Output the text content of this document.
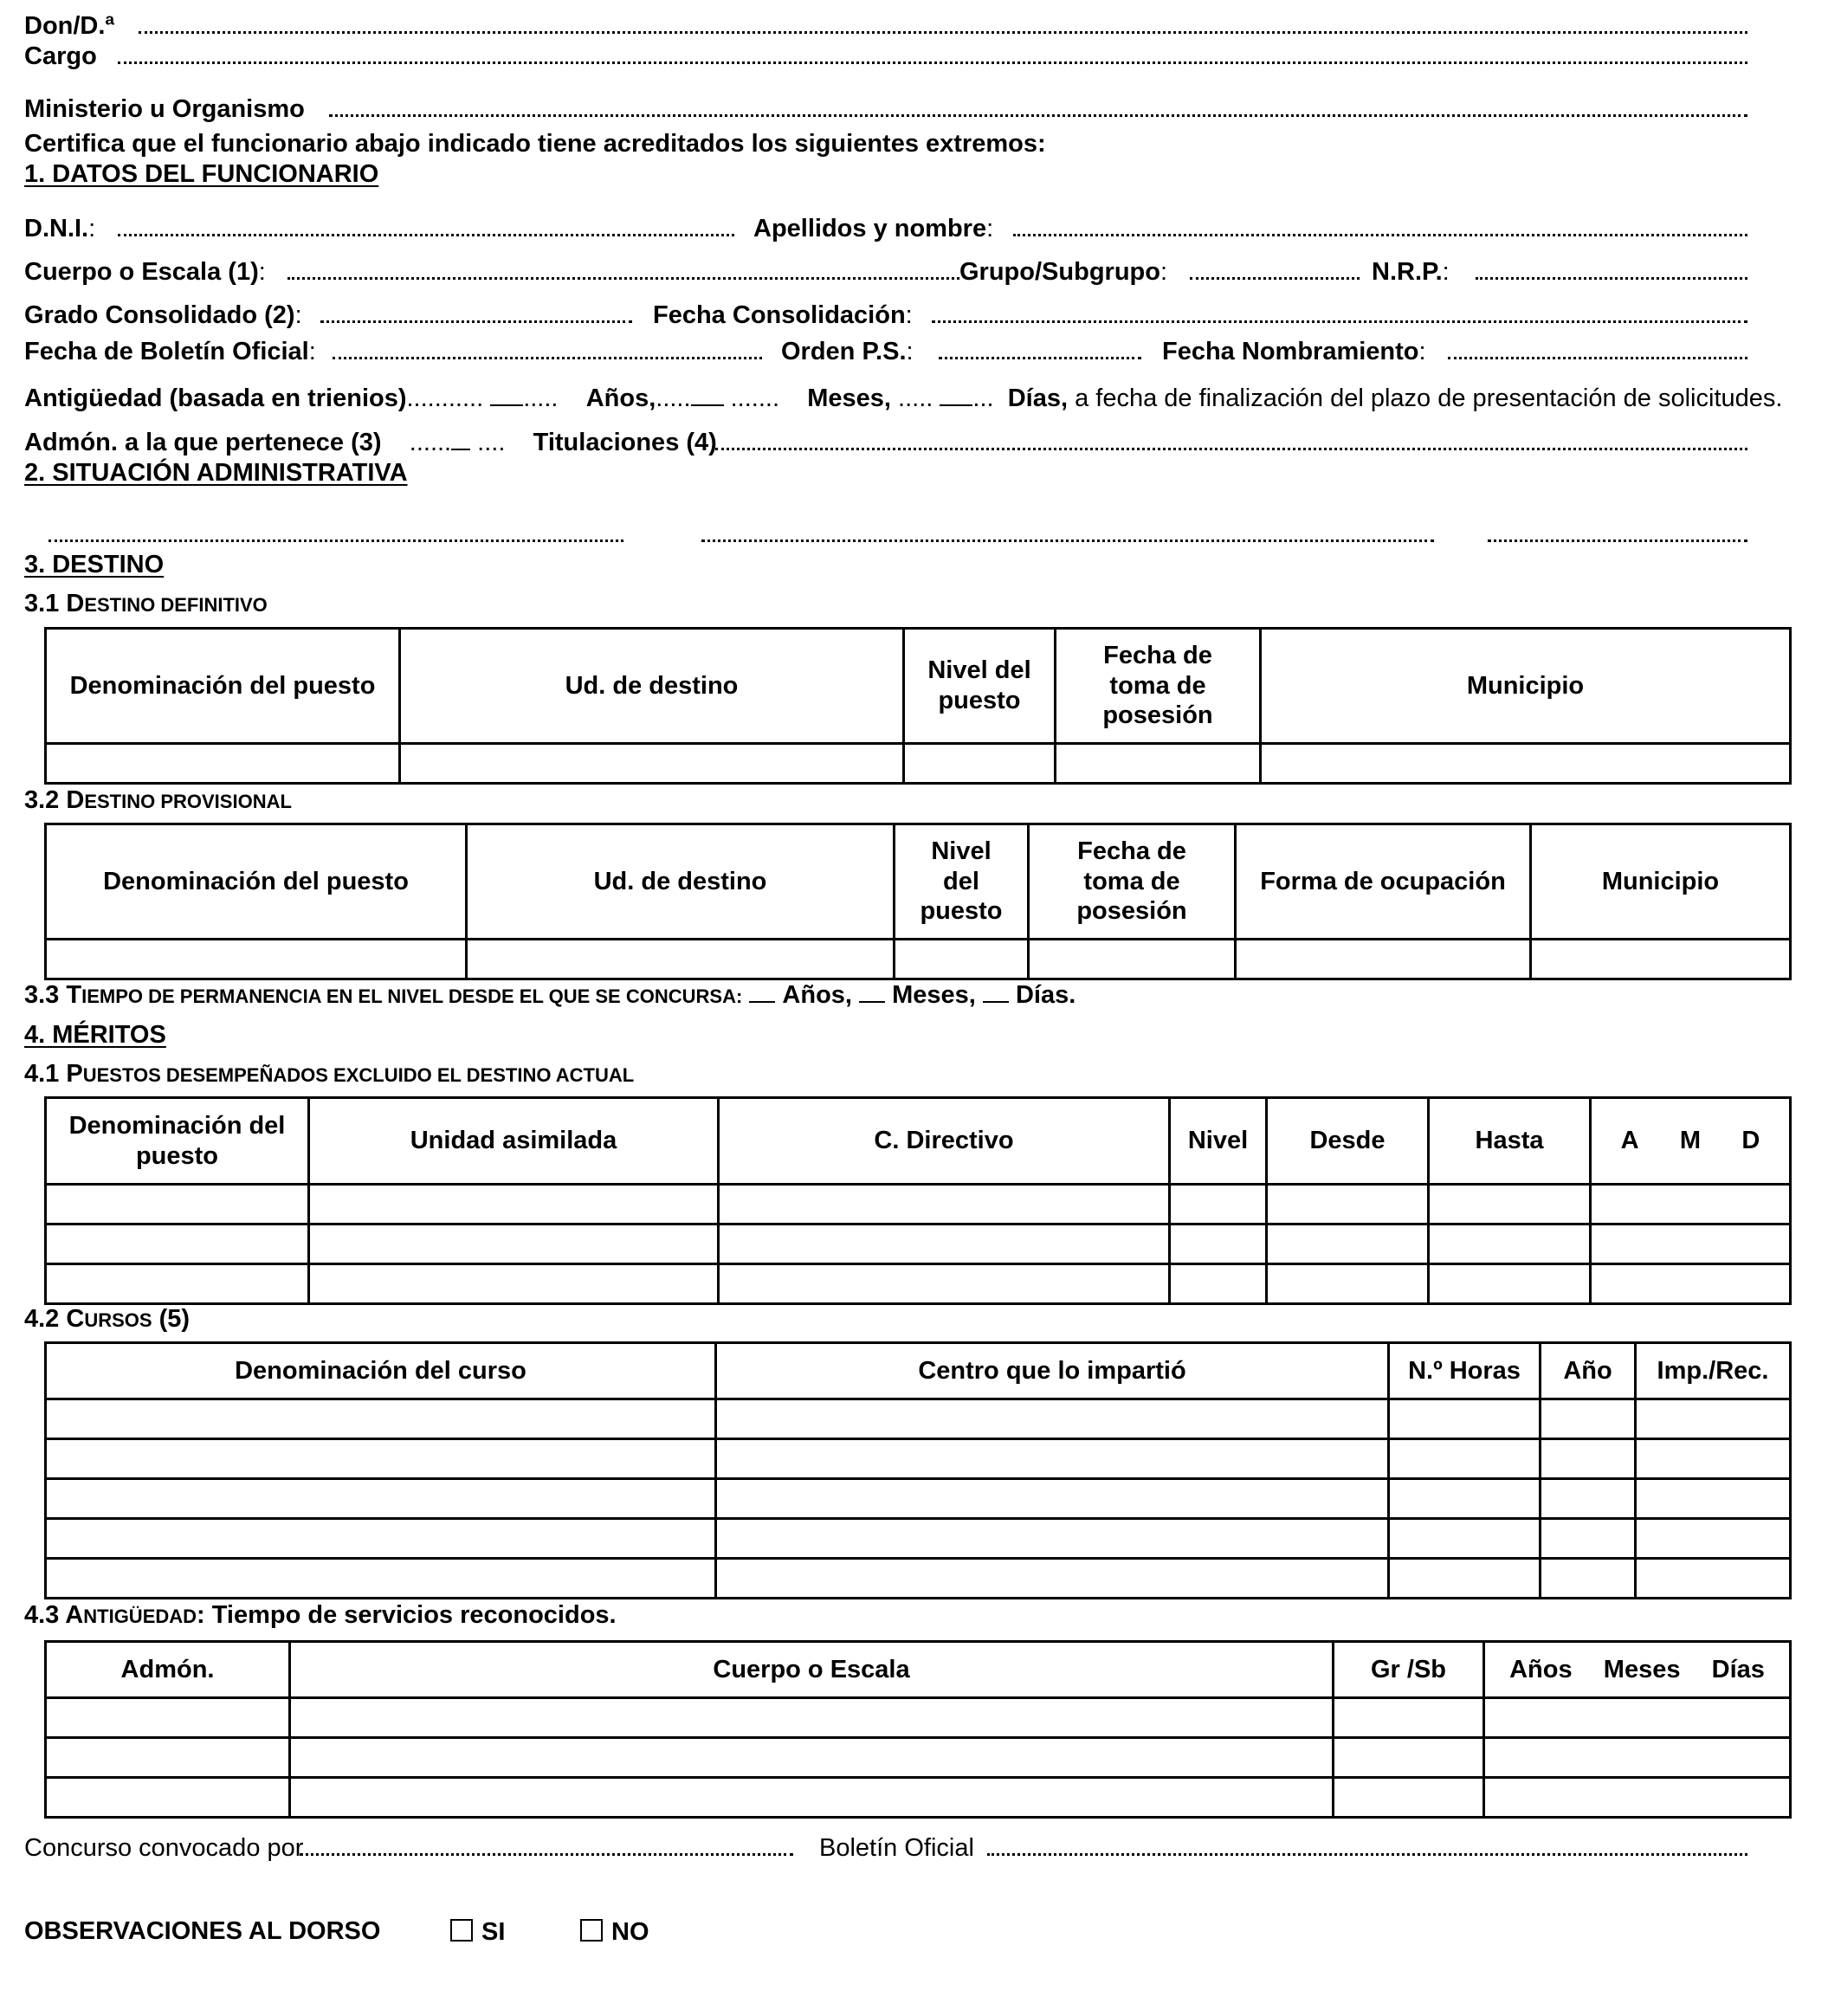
Don/D.ª
Cargo
Ministerio u Organismo
Certifica que el funcionario abajo indicado tiene acreditados los siguientes extremos:
1. DATOS DEL FUNCIONARIO
D.N.I.:	Apellidos y nombre:
Cuerpo o Escala (1):	Grupo/Subgrupo:	N.R.P.:
Grado Consolidado (2):	Fecha Consolidación:
Fecha de Boletín Oficial:	Orden P.S.:	Fecha Nombramiento:
Antigüedad (basada en trienios)........... .....    Años,..... .......    Meses, ..... ...  Días, a fecha de finalización del plazo de presentación de solicitudes.
Admón. a la que pertenece (3)    ...... ....    Titulaciones (4)
2. SITUACIÓN ADMINISTRATIVA
3. DESTINO
3.1 DESTINO DEFINITIVO
Denominación del puesto	Ud. de destino	Nivel del puesto	Fecha de toma de posesión	Municipio

3.2 DESTINO PROVISIONAL
Denominación del puesto	Ud. de destino	Nivel del puesto	Fecha de toma de posesión	Forma de ocupación	Municipio

3.3 TIEMPO DE PERMANENCIA EN EL NIVEL DESDE EL QUE SE CONCURSA: Años, Meses, Días.
4. MÉRITOS
4.1 PUESTOS DESEMPEÑADOS EXCLUIDO EL DESTINO ACTUAL
Denominación del puesto	Unidad asimilada	C. Directivo	Nivel	Desde	Hasta	A M D

4.2 CURSOS (5)
Denominación del curso	Centro que lo impartió	N.º Horas	Año	Imp./Rec.

4.3 ANTIGÜEDAD: Tiempo de servicios reconocidos.
Admón.	Cuerpo o Escala	Gr /Sb	Años Meses Días

Concurso convocado por	Boletín Oficial
OBSERVACIONES AL DORSO	SI	NO
